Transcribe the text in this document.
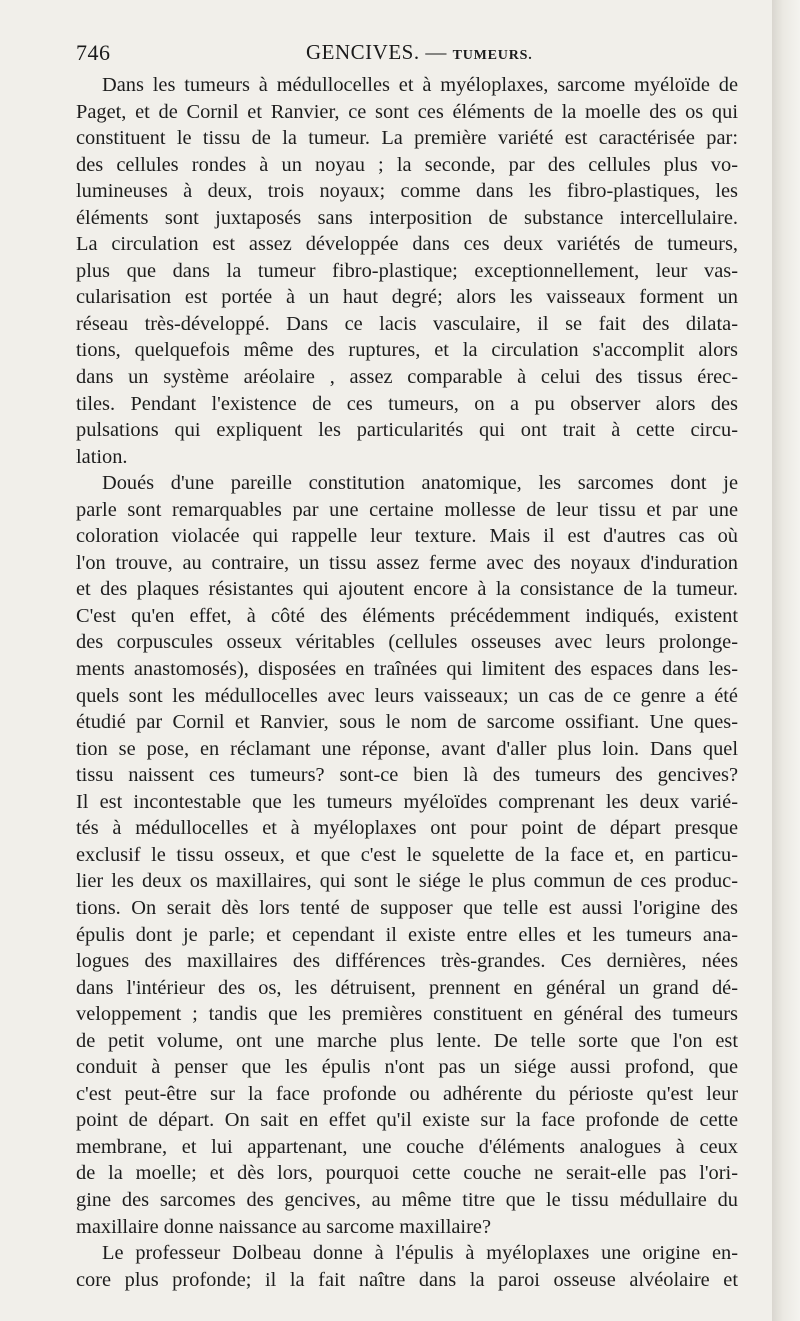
746	GENCIVES. — TUMEURS.
Dans les tumeurs à médullocelles et à myéloplaxes, sarcome myéloïde de
Paget, et de Cornil et Ranvier, ce sont ces éléments de la moelle des os qui
constituent le tissu de la tumeur. La première variété est caractérisée par:
des cellules rondes à un noyau ; la seconde, par des cellules plus vo-
lumineuses à deux, trois noyaux; comme dans les fibro-plastiques, les
éléments sont juxtaposés sans interposition de substance intercellulaire.
La circulation est assez développée dans ces deux variétés de tumeurs,
plus que dans la tumeur fibro-plastique; exceptionnellement, leur vas-
cularisation est portée à un haut degré; alors les vaisseaux forment un
réseau très-développé. Dans ce lacis vasculaire, il se fait des dilata-
tions, quelquefois même des ruptures, et la circulation s'accomplit alors
dans un système aréolaire , assez comparable à celui des tissus érec-
tiles. Pendant l'existence de ces tumeurs, on a pu observer alors des
pulsations qui expliquent les particularités qui ont trait à cette circu-
lation.
Doués d'une pareille constitution anatomique, les sarcomes dont je
parle sont remarquables par une certaine mollesse de leur tissu et par une
coloration violacée qui rappelle leur texture. Mais il est d'autres cas où
l'on trouve, au contraire, un tissu assez ferme avec des noyaux d'induration
et des plaques résistantes qui ajoutent encore à la consistance de la tumeur.
C'est qu'en effet, à côté des éléments précédemment indiqués, existent
des corpuscules osseux véritables (cellules osseuses avec leurs prolonge-
ments anastomosés), disposées en traînées qui limitent des espaces dans les-
quels sont les médullocelles avec leurs vaisseaux; un cas de ce genre a été
étudié par Cornil et Ranvier, sous le nom de sarcome ossifiant. Une ques-
tion se pose, en réclamant une réponse, avant d'aller plus loin. Dans quel
tissu naissent ces tumeurs? sont-ce bien là des tumeurs des gencives?
Il est incontestable que les tumeurs myéloïdes comprenant les deux varié-
tés à médullocelles et à myéloplaxes ont pour point de départ presque
exclusif le tissu osseux, et que c'est le squelette de la face et, en particu-
lier les deux os maxillaires, qui sont le siége le plus commun de ces produc-
tions. On serait dès lors tenté de supposer que telle est aussi l'origine des
épulis dont je parle; et cependant il existe entre elles et les tumeurs ana-
logues des maxillaires des différences très-grandes. Ces dernières, nées
dans l'intérieur des os, les détruisent, prennent en général un grand dé-
veloppement ; tandis que les premières constituent en général des tumeurs
de petit volume, ont une marche plus lente. De telle sorte que l'on est
conduit à penser que les épulis n'ont pas un siége aussi profond, que
c'est peut-être sur la face profonde ou adhérente du périoste qu'est leur
point de départ. On sait en effet qu'il existe sur la face profonde de cette
membrane, et lui appartenant, une couche d'éléments analogues à ceux
de la moelle; et dès lors, pourquoi cette couche ne serait-elle pas l'ori-
gine des sarcomes des gencives, au même titre que le tissu médullaire du
maxillaire donne naissance au sarcome maxillaire?
Le professeur Dolbeau donne à l'épulis à myéloplaxes une origine en-
core plus profonde; il la fait naître dans la paroi osseuse alvéolaire et
